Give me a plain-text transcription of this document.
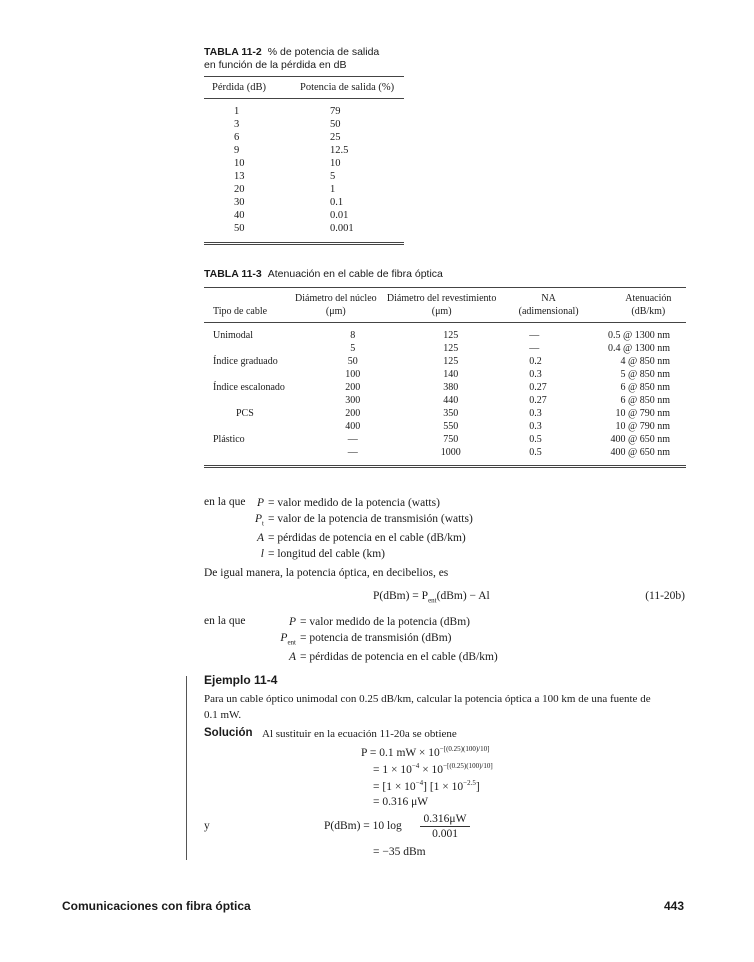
TABLA 11-2 % de potencia de salida
en función de la pérdida en dB
Pérdida (dB)	Potencia de salida (%)
1	79
3	50
6	25
9	12.5
10	10
13	5
20	1
30	0.1
40	0.01
50	0.001
TABLA 11-3 Atenuación en el cable de fibra óptica
	Diámetro del núcleo	Diámetro del revestimiento	NA	Atenuación
Tipo de cable	(μm)	(μm)	(adimensional)	(dB/km)
Unimodal	8	125	—	0.5 @ 1300 nm
	5	125	—	0.4 @ 1300 nm
Índice graduado	50	125	0.2	4 @ 850 nm
	100	140	0.3	5 @ 850 nm
Índice escalonado	200	380	0.27	6 @ 850 nm
	300	440	0.27	6 @ 850 nm
PCS	200	350	0.3	10 @ 790 nm
	400	550	0.3	10 @ 790 nm
Plástico	—	750	0.5	400 @ 650 nm
	—	1000	0.5	400 @ 650 nm
en la que P = valor medido de la potencia (watts)
$P_t$ = valor de la potencia de transmisión (watts)
A = pérdidas de potencia en el cable (dB/km)
l = longitud del cable (km)
De igual manera, la potencia óptica, en decibelios, es
$P(dBm) = P_{ent}(dBm) - Al$	(11-20b)
en la que	P = valor medido de la potencia (dBm)
$P_{ent}$ = potencia de transmisión (dBm)
A = pérdidas de potencia en el cable (dB/km)
Ejemplo 11-4
Para un cable óptico unimodal con 0.25 dB/km, calcular la potencia óptica a 100 km de una fuente de
0.1 mW.
Solución Al sustituir en la ecuación 11-20a se obtiene
P = 0.1 mW × $10^{-[(0.25)(100)/10]}$
= $1 \times 10^{-4} \times 10^{-[(0.25)(100)/10]}$
= $[1 \times 10^{-4}]$ $[1 \times 10^{-2.5}]$
= 0.316 μW
y	P(dBm) = 10 $\log \frac{0.316\mu W}{0.001}$
= −35 dBm
Comunicaciones con fibra óptica	443
